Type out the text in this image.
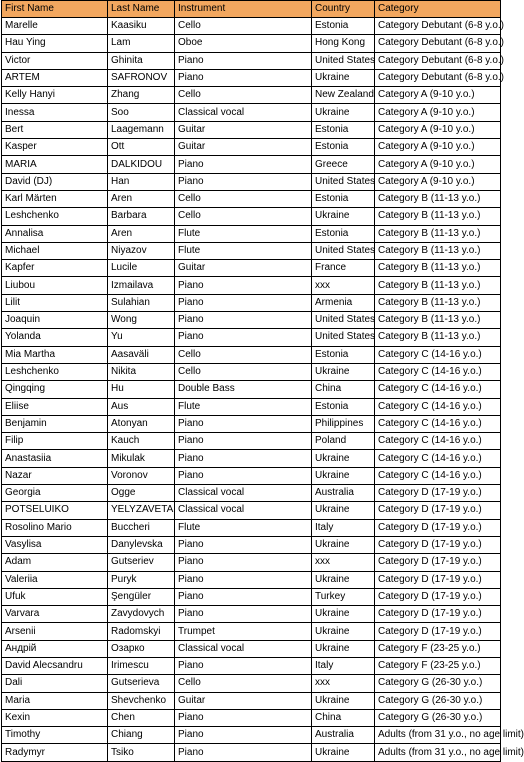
First Name	Last Name	Instrument	Country	Category
Marelle	Kaasiku	Cello	Estonia	Category Debutant (6-8 y.o.)
Hau Ying	Lam	Oboe	Hong Kong	Category Debutant (6-8 y.o.)
Victor	Ghinita	Piano	United States	Category Debutant (6-8 y.o.)
ARTEM	SAFRONOV	Piano	Ukraine	Category Debutant (6-8 y.o.)
Kelly Hanyi	Zhang	Cello	New Zealand	Category A (9-10 y.o.)
Inessa	Soo	Classical vocal	Ukraine	Category A (9-10 y.o.)
Bert	Laagemann	Guitar	Estonia	Category A (9-10 y.o.)
Kasper	Ott	Guitar	Estonia	Category A (9-10 y.o.)
MARIA	DALKIDOU	Piano	Greece	Category A (9-10 y.o.)
David (DJ)	Han	Piano	United States	Category A (9-10 y.o.)
Karl Märten	Aren	Cello	Estonia	Category B (11-13 y.o.)
Leshchenko	Barbara	Cello	Ukraine	Category B (11-13 y.o.)
Annalisa	Aren	Flute	Estonia	Category B (11-13 y.o.)
Michael	Niyazov	Flute	United States	Category B (11-13 y.o.)
Kapfer	Lucile	Guitar	France	Category B (11-13 y.o.)
Liubou	Izmailava	Piano	xxx	Category B (11-13 y.o.)
Lilit	Sulahian	Piano	Armenia	Category B (11-13 y.o.)
Joaquin	Wong	Piano	United States	Category B (11-13 y.o.)
Yolanda	Yu	Piano	United States	Category B (11-13 y.o.)
Mia Martha	Aasaväli	Cello	Estonia	Category C (14-16 y.o.)
Leshchenko	Nikita	Cello	Ukraine	Category C (14-16 y.o.)
Qingqing	Hu	Double Bass	China	Category C (14-16 y.o.)
Eliise	Aus	Flute	Estonia	Category C (14-16 y.o.)
Benjamin	Atonyan	Piano	Philippines	Category C (14-16 y.o.)
Filip	Kauch	Piano	Poland	Category C (14-16 y.o.)
Anastasiia	Mikulak	Piano	Ukraine	Category C (14-16 y.o.)
Nazar	Voronov	Piano	Ukraine	Category C (14-16 y.o.)
Georgia	Ogge	Classical vocal	Australia	Category D (17-19 y.o.)
POTSELUIKO	YELYZAVETA	Classical vocal	Ukraine	Category D (17-19 y.o.)
Rosolino Mario	Buccheri	Flute	Italy	Category D (17-19 y.o.)
Vasylisa	Danylevska	Piano	Ukraine	Category D (17-19 y.o.)
Adam	Gutseriev	Piano	xxx	Category D (17-19 y.o.)
Valeriia	Puryk	Piano	Ukraine	Category D (17-19 y.o.)
Ufuk	Şengüler	Piano	Turkey	Category D (17-19 y.o.)
Varvara	Zavydovych	Piano	Ukraine	Category D (17-19 y.o.)
Arsenii	Radomskyi	Trumpet	Ukraine	Category D (17-19 y.o.)
Андрій	Озарко	Classical vocal	Ukraine	Category F (23-25 y.o.)
David Alecsandru	Irimescu	Piano	Italy	Category F (23-25 y.o.)
Dali	Gutserieva	Cello	xxx	Category G (26-30 y.o.)
Maria	Shevchenko	Guitar	Ukraine	Category G (26-30 y.o.)
Kexin	Chen	Piano	China	Category G (26-30 y.o.)
Timothy	Chiang	Piano	Australia	Adults (from 31 y.o., no age limit)
Radymyr	Tsiko	Piano	Ukraine	Adults (from 31 y.o., no age limit)
